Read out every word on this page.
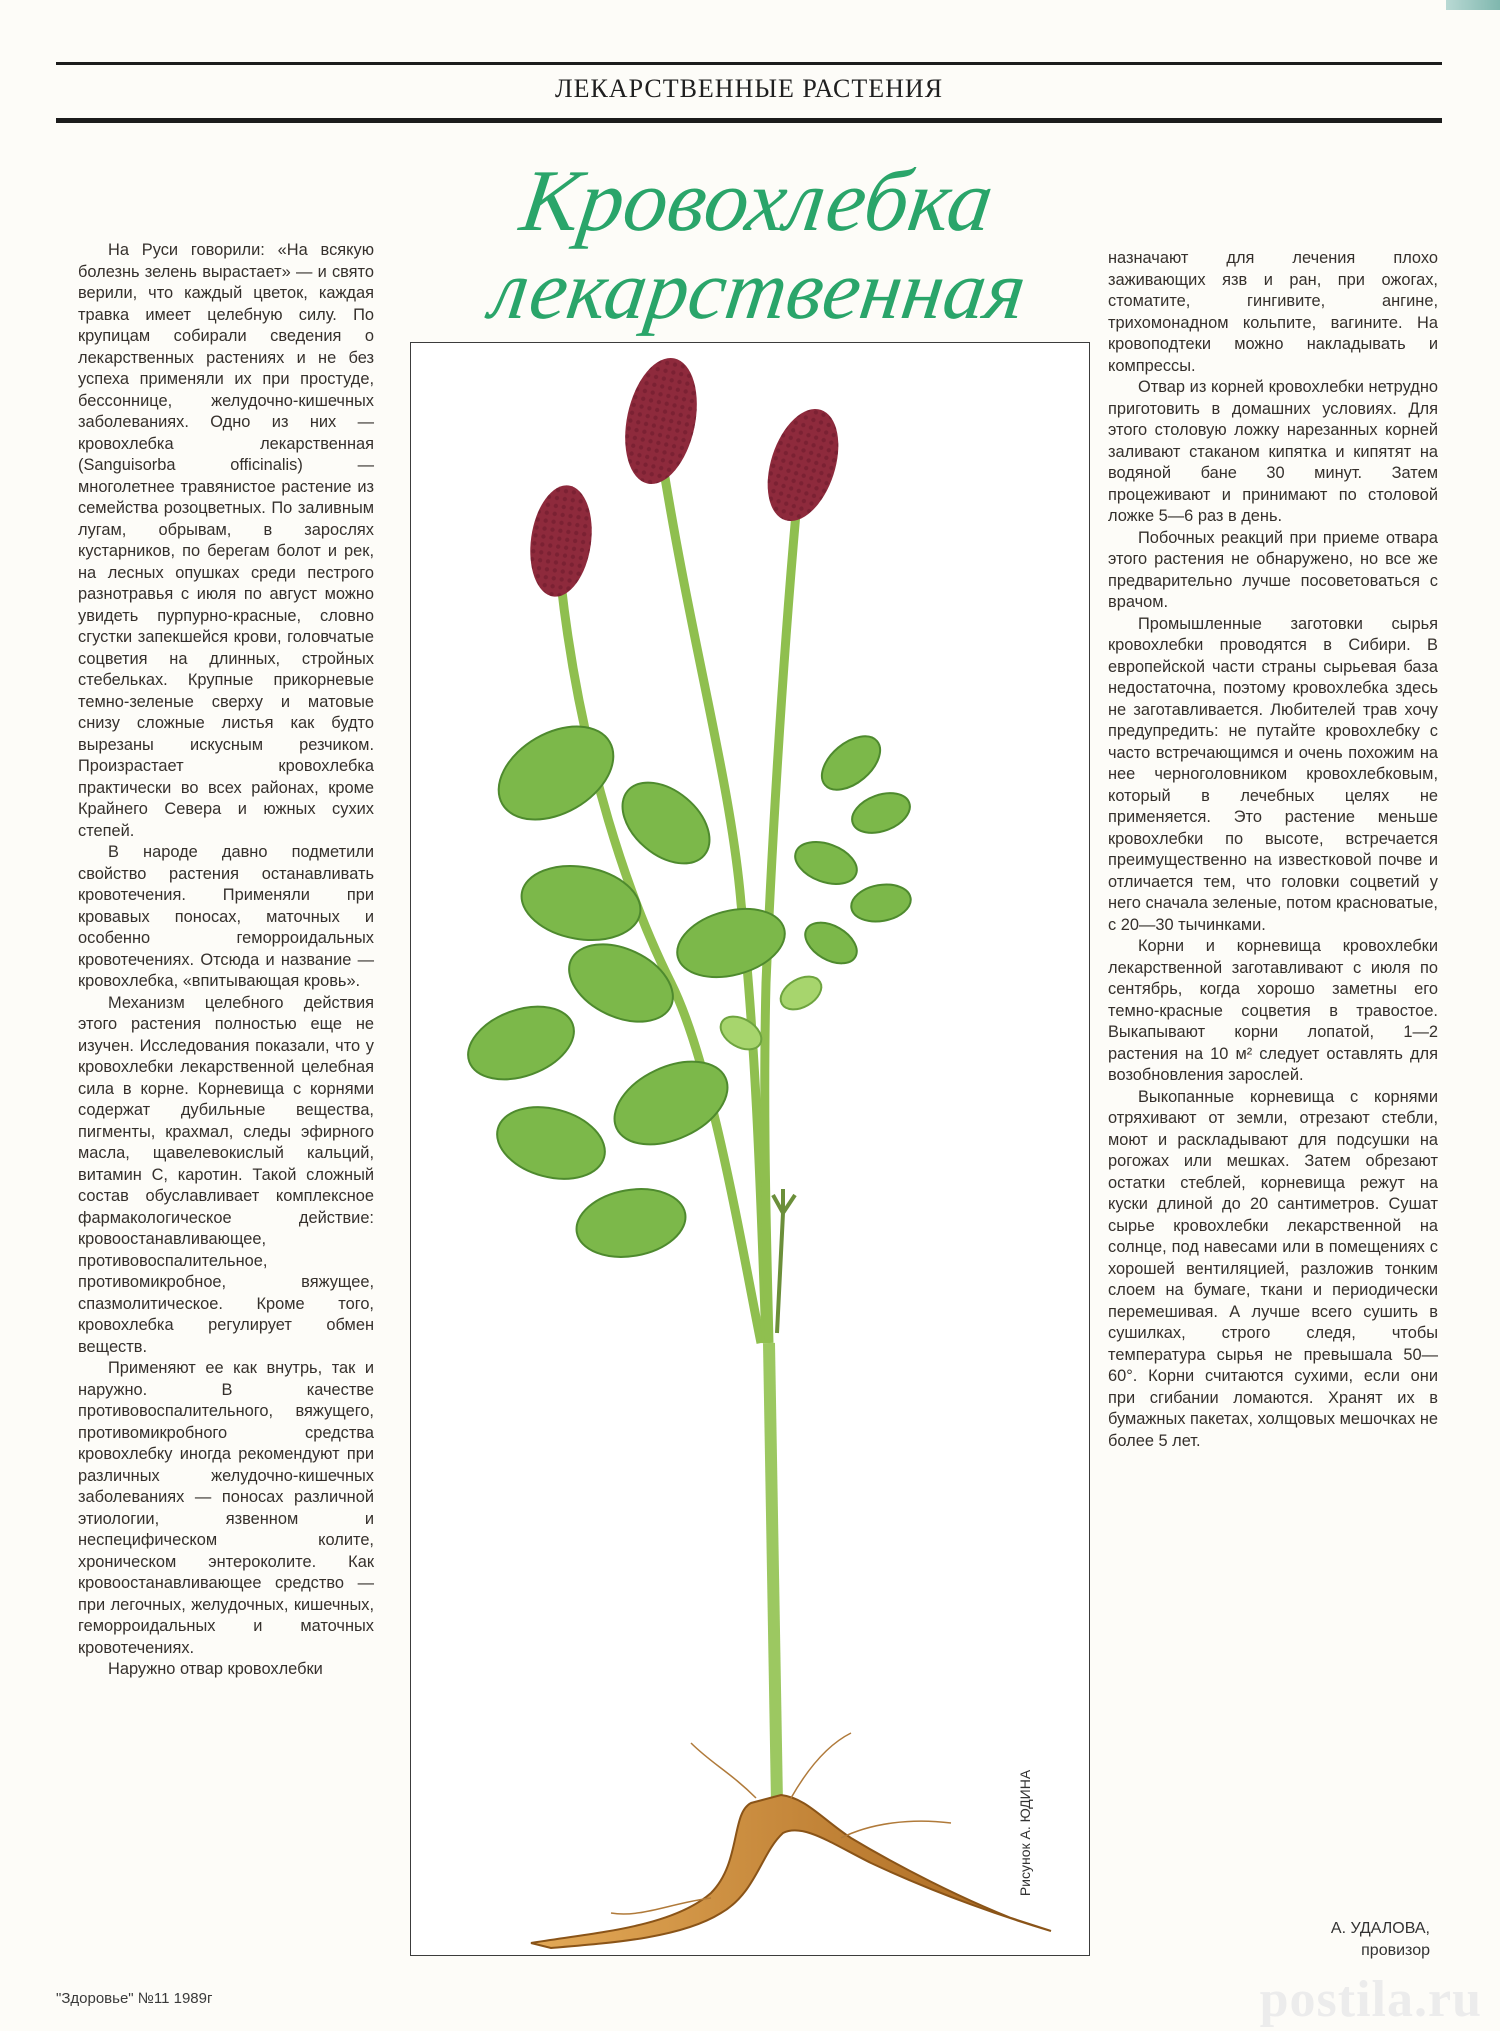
ЛЕКАРСТВЕННЫЕ РАСТЕНИЯ
Кровохлебка
лекарственная

На Руси говорили: «На всякую болезнь зелень вырастает» — и свято верили, что каждый цветок, каждая травка имеет целебную силу. По крупицам собирали сведения о лекарственных растениях и не без успеха применяли их при простуде, бессоннице, желудочно-кишечных заболеваниях. Одно из них — кровохлебка лекарственная (Sanguisorba officinalis) — многолетнее травянистое растение из семейства розоцветных. По заливным лугам, обрывам, в зарослях кустарников, по берегам болот и рек, на лесных опушках среди пестрого разнотравья с июля по август можно увидеть пурпурно-красные, словно сгустки запекшейся крови, головчатые соцветия на длинных, стройных стебельках. Крупные прикорневые темно-зеленые сверху и матовые снизу сложные листья как будто вырезаны искусным резчиком. Произрастает кровохлебка практически во всех районах, кроме Крайнего Севера и южных сухих степей.

В народе давно подметили свойство растения останавливать кровотечения. Применяли при кровавых поносах, маточных и особенно геморроидальных кровотечениях. Отсюда и название — кровохлебка, «впитывающая кровь».

Механизм целебного действия этого растения полностью еще не изучен. Исследования показали, что у кровохлебки лекарственной целебная сила в корне. Корневища с корнями содержат дубильные вещества, пигменты, крахмал, следы эфирного масла, щавелевокислый кальций, витамин С, каротин. Такой сложный состав обуславливает комплексное фармакологическое действие: кровоостанавливающее, противовоспалительное, противомикробное, вяжущее, спазмолитическое. Кроме того, кровохлебка регулирует обмен веществ.

Применяют ее как внутрь, так и наружно. В качестве противовоспалительного, вяжущего, противомикробного средства кровохлебку иногда рекомендуют при различных желудочно-кишечных заболеваниях — поносах различной этиологии, язвенном и неспецифическом колите, хроническом энтероколите. Как кровоостанавливающее средство — при легочных, желудочных, кишечных, геморроидальных и маточных кровотечениях.

Наружно отвар кровохлебки

Рисунок А. ЮДИНА

назначают для лечения плохо заживающих язв и ран, при ожогах, стоматите, гингивите, ангине, трихомонадном кольпите, вагините. На кровоподтеки можно накладывать и компрессы.

Отвар из корней кровохлебки нетрудно приготовить в домашних условиях. Для этого столовую ложку нарезанных корней заливают стаканом кипятка и кипятят на водяной бане 30 минут. Затем процеживают и принимают по столовой ложке 5—6 раз в день.

Побочных реакций при приеме отвара этого растения не обнаружено, но все же предварительно лучше посоветоваться с врачом.

Промышленные заготовки сырья кровохлебки проводятся в Сибири. В европейской части страны сырьевая база недостаточна, поэтому кровохлебка здесь не заготавливается. Любителей трав хочу предупредить: не путайте кровохлебку с часто встречающимся и очень похожим на нее черноголовником кровохлебковым, который в лечебных целях не применяется. Это растение меньше кровохлебки по высоте, встречается преимущественно на известковой почве и отличается тем, что головки соцветий у него сначала зеленые, потом красноватые, с 20—30 тычинками.

Корни и корневища кровохлебки лекарственной заготавливают с июля по сентябрь, когда хорошо заметны его темно-красные соцветия в травостое. Выкапывают корни лопатой, 1—2 растения на 10 м² следует оставлять для возобновления зарослей.

Выкопанные корневища с корнями отряхивают от земли, отрезают стебли, моют и раскладывают для подсушки на рогожах или мешках. Затем обрезают остатки стеблей, корневища режут на куски длиной до 20 сантиметров. Сушат сырье кровохлебки лекарственной на солнце, под навесами или в помещениях с хорошей вентиляцией, разложив тонким слоем на бумаге, ткани и периодически перемешивая. А лучше всего сушить в сушилках, строго следя, чтобы температура сырья не превышала 50—60°. Корни считаются сухими, если они при сгибании ломаются. Хранят их в бумажных пакетах, холщовых мешочках не более 5 лет.

А. УДАЛОВА,
провизор
"Здоровье" №11 1989г	postila.ru
